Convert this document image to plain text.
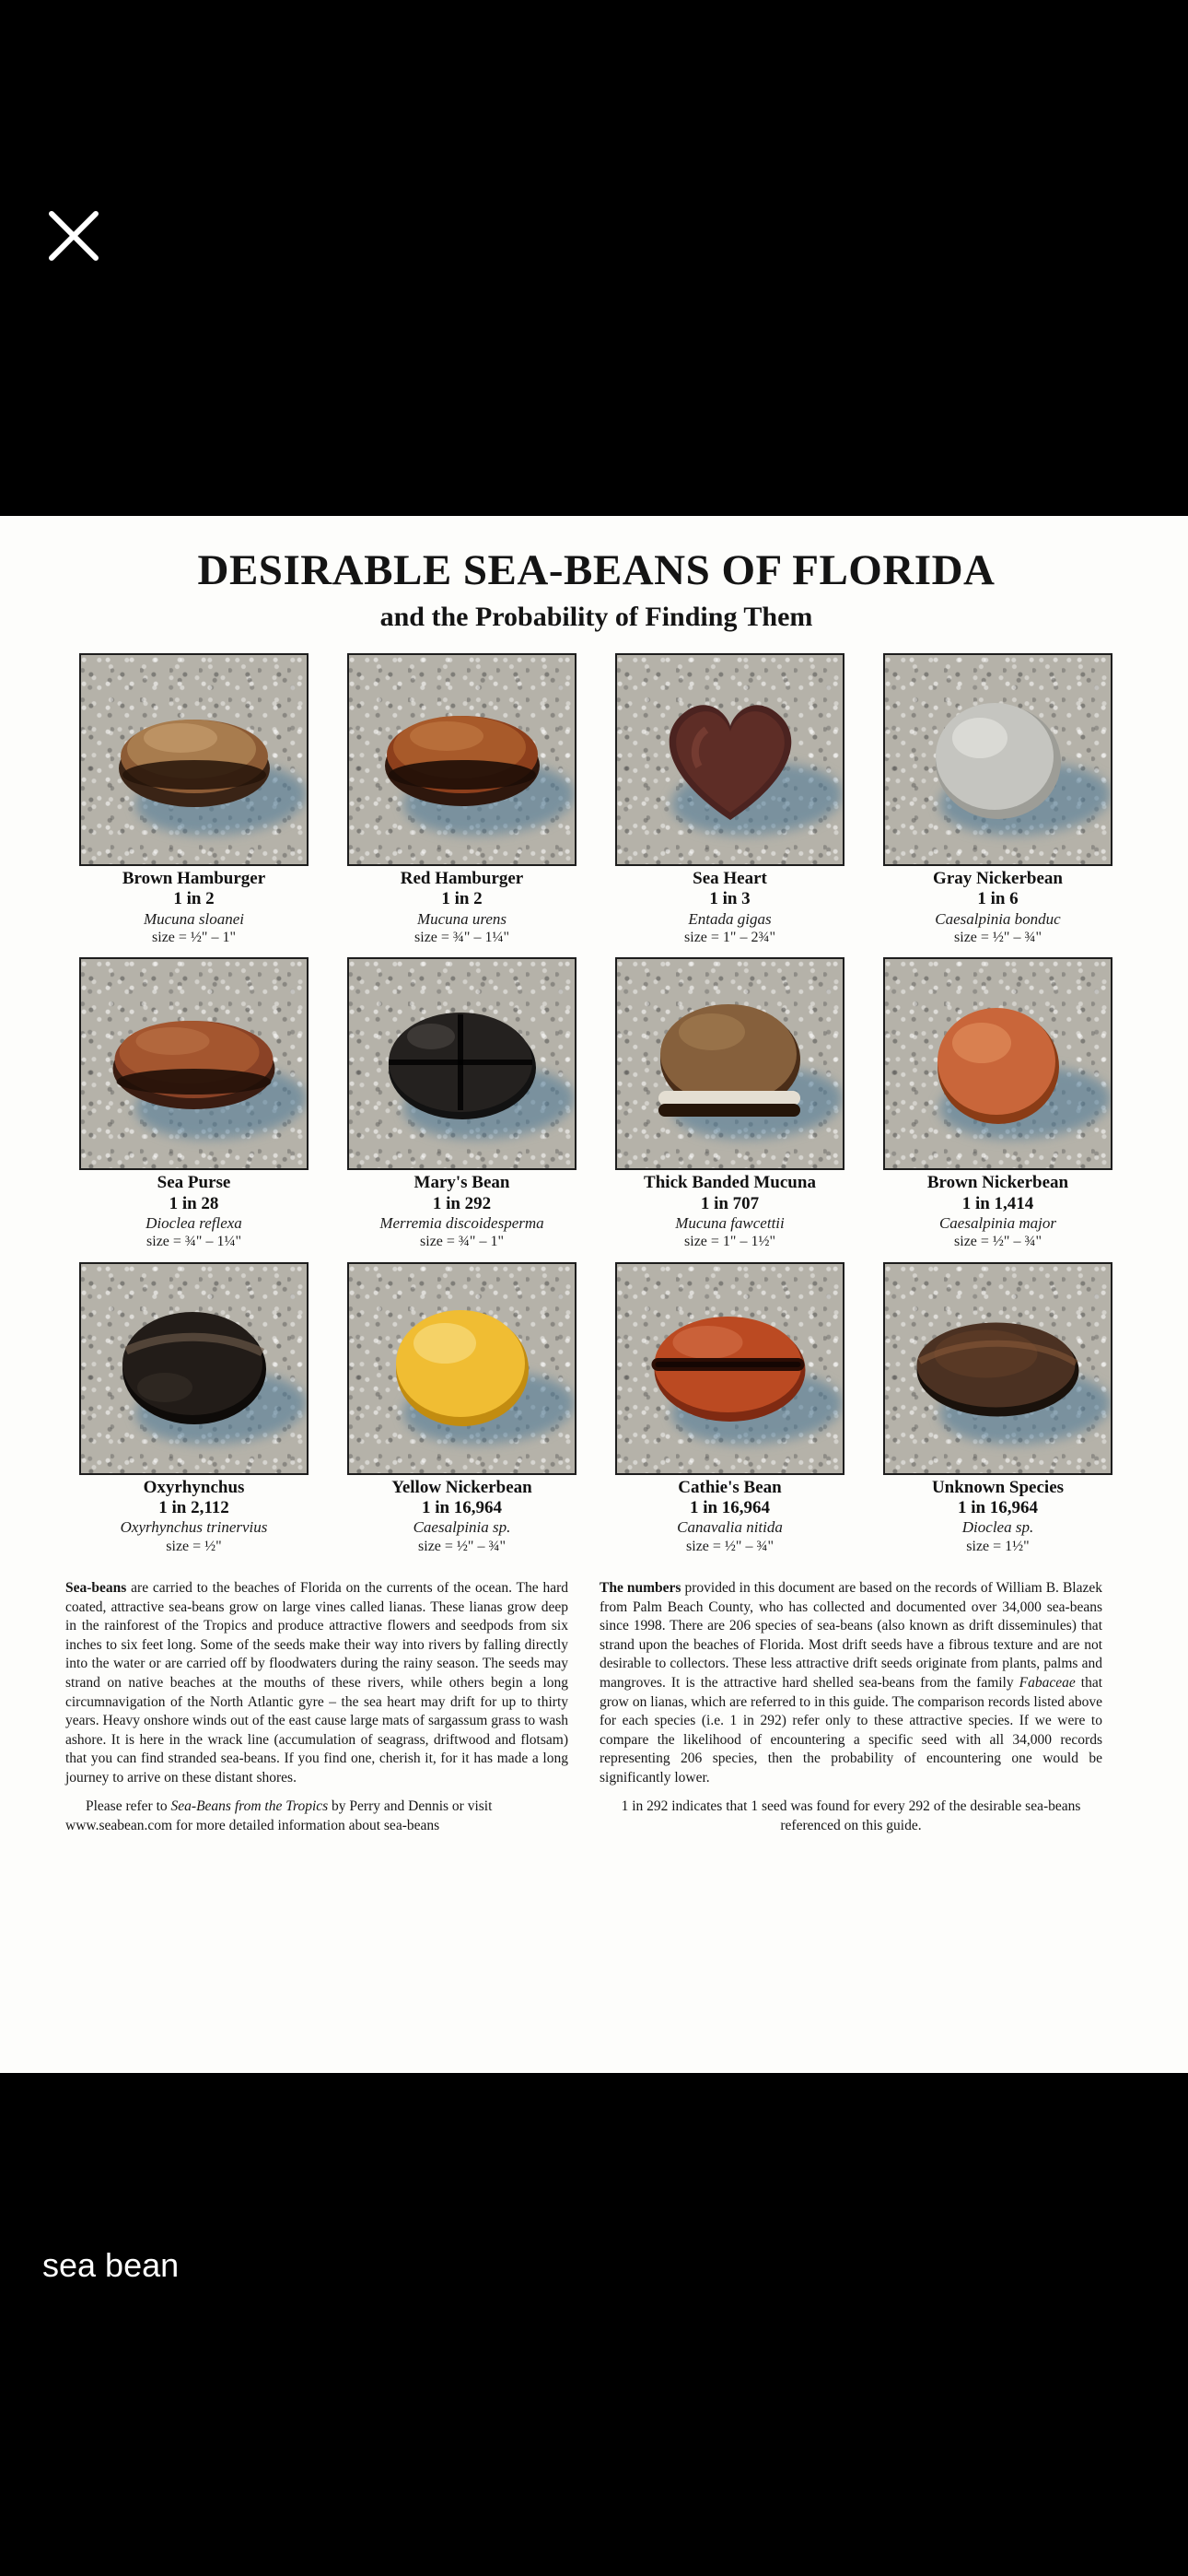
DESIRABLE SEA-BEANS OF FLORIDA
and the Probability of Finding Them
Brown Hamburger
1 in 2
Mucuna sloanei
size = ½" – 1"
Red Hamburger
1 in 2
Mucuna urens
size = ¾" – 1¼"
Sea Heart
1 in 3
Entada gigas
size = 1" – 2¾"
Gray Nickerbean
1 in 6
Caesalpinia bonduc
size = ½" – ¾"
Sea Purse
1 in 28
Dioclea reflexa
size = ¾" – 1¼"
Mary's Bean
1 in 292
Merremia discoidesperma
size = ¾" – 1"
Thick Banded Mucuna
1 in 707
Mucuna fawcettii
size = 1" – 1½"
Brown Nickerbean
1 in 1,414
Caesalpinia major
size = ½" – ¾"
Oxyrhynchus
1 in 2,112
Oxyrhynchus trinervius
size = ½"
Yellow Nickerbean
1 in 16,964
Caesalpinia sp.
size = ½" – ¾"
Cathie's Bean
1 in 16,964
Canavalia nitida
size = ½" – ¾"
Unknown Species
1 in 16,964
Dioclea sp.
size = 1½"

Sea-beans are carried to the beaches of Florida on the currents of the ocean. The hard coated, attractive sea-beans grow on large vines called lianas. These lianas grow deep in the rainforest of the Tropics and produce attractive flowers and seedpods from six inches to six feet long. Some of the seeds make their way into rivers by falling directly into the water or are carried off by floodwaters during the rainy season. The seeds may strand on native beaches at the mouths of these rivers, while others begin a long circumnavigation of the North Atlantic gyre – the sea heart may drift for up to thirty years. Heavy onshore winds out of the east cause large mats of sargassum grass to wash ashore. It is here in the wrack line (accumulation of seagrass, driftwood and flotsam) that you can find stranded sea-beans. If you find one, cherish it, for it has made a long journey to arrive on these distant shores.

Please refer to Sea-Beans from the Tropics by Perry and Dennis or visit www.seabean.com for more detailed information about sea-beans

The numbers provided in this document are based on the records of William B. Blazek from Palm Beach County, who has collected and documented over 34,000 sea-beans since 1998. There are 206 species of sea-beans (also known as drift disseminules) that strand upon the beaches of Florida. Most drift seeds have a fibrous texture and are not desirable to collectors. These less attractive drift seeds originate from plants, palms and mangroves. It is the attractive hard shelled sea-beans from the family Fabaceae that grow on lianas, which are referred to in this guide. The comparison records listed above for each species (i.e. 1 in 292) refer only to these attractive species. If we were to compare the likelihood of encountering a specific seed with all 34,000 records representing 206 species, then the probability of encountering one would be significantly lower.

1 in 292 indicates that 1 seed was found for every 292 of the desirable sea-beans referenced on this guide.

sea bean
